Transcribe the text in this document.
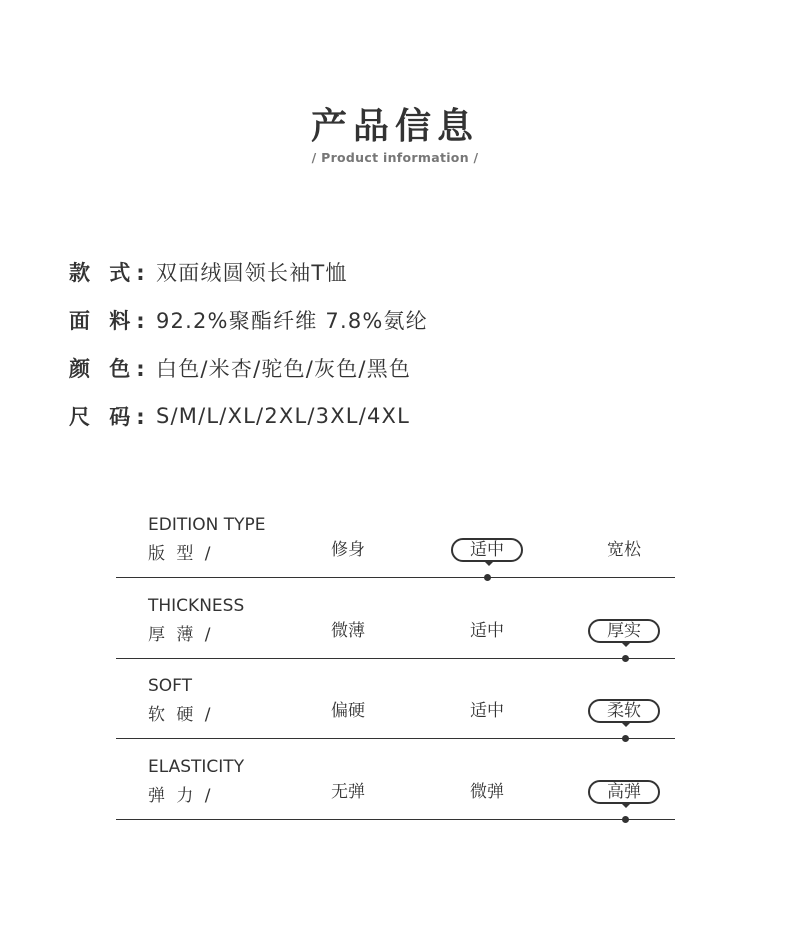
产品信息
/ Product information /
款 式: 双面绒圆领长袖T恤
面 料: 92.2%聚酯纤维 7.8%氨纶
颜 色: 白色/米杏/驼色/灰色/黑色
尺 码: S/M/L/XL/2XL/3XL/4XL
EDITION TYPE
版 型 /	修身	适中	宽松
THICKNESS
厚 薄 /	微薄	适中	厚实
SOFT
软 硬 /	偏硬	适中	柔软
ELASTICITY
弹 力 /	无弹	微弹	高弹
